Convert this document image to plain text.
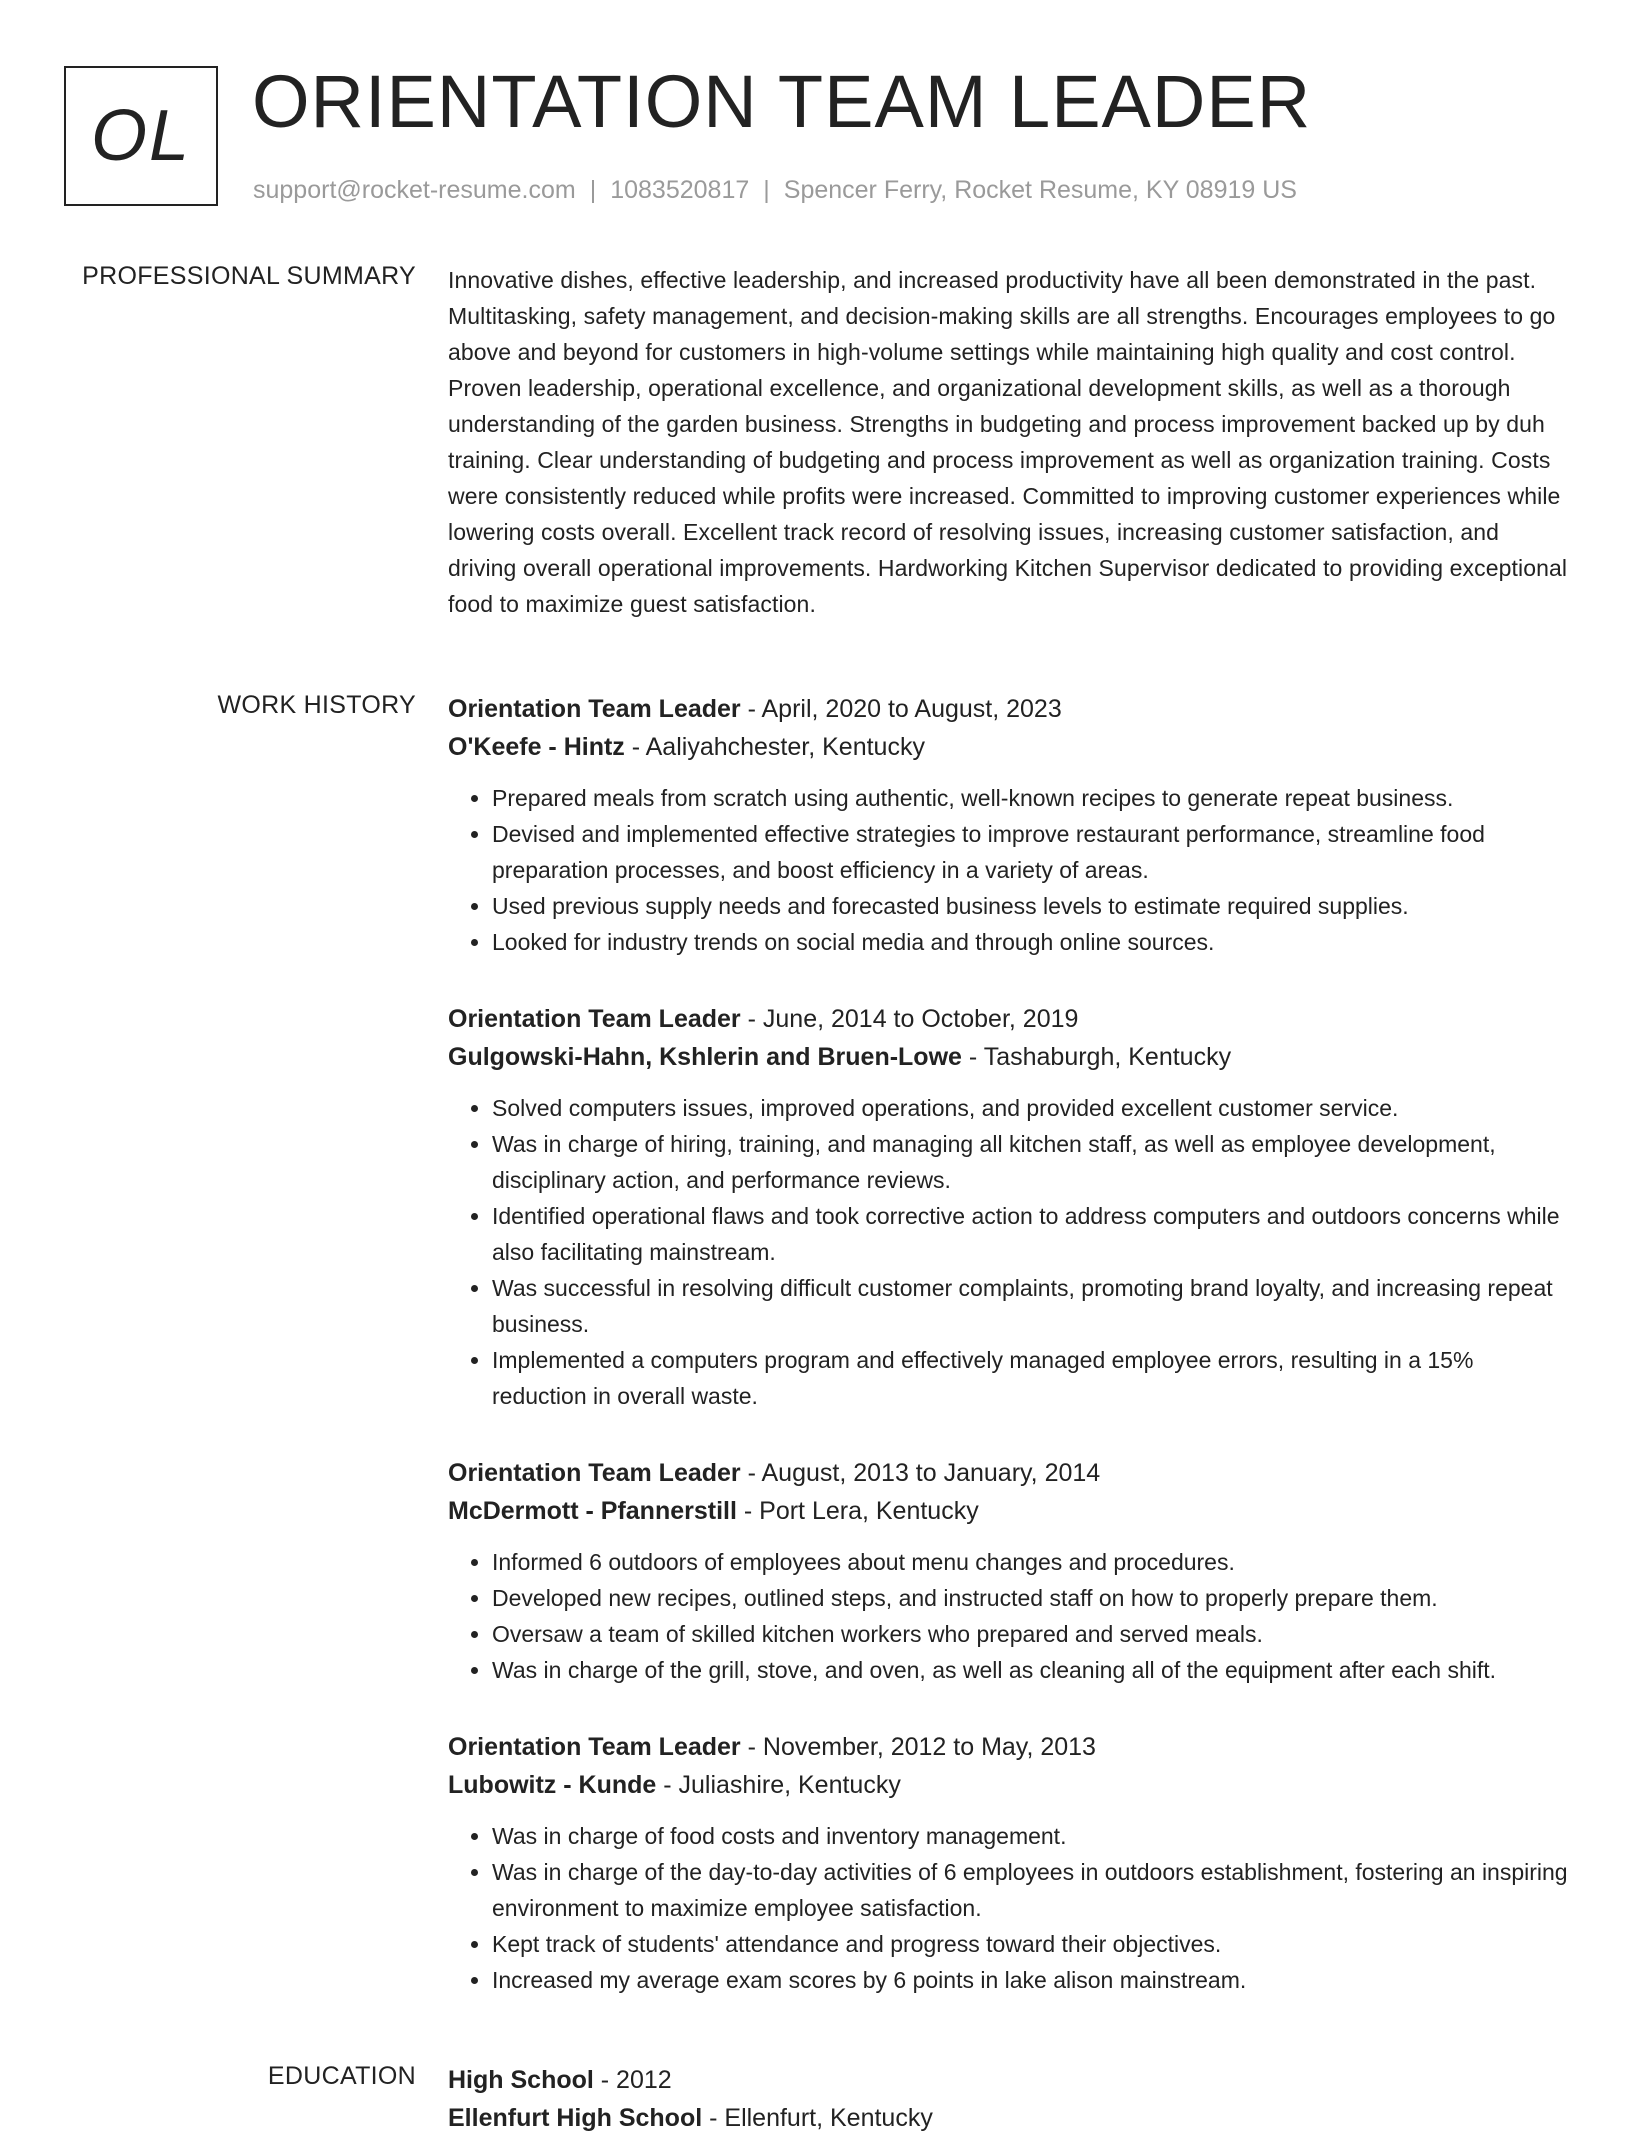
OL ORIENTATION TEAM LEADER
support@rocket-resume.com | 1083520817 | Spencer Ferry, Rocket Resume, KY 08919 US
PROFESSIONAL SUMMARY Innovative dishes, effective leadership, and increased productivity have all been demonstrated in the past. Multitasking, safety management, and decision-making skills are all strengths. Encourages employees to go above and beyond for customers in high-volume settings while maintaining high quality and cost control. Proven leadership, operational excellence, and organizational development skills, as well as a thorough understanding of the garden business. Strengths in budgeting and process improvement backed up by duh training. Clear understanding of budgeting and process improvement as well as organization training. Costs were consistently reduced while profits were increased. Committed to improving customer experiences while lowering costs overall. Excellent track record of resolving issues, increasing customer satisfaction, and driving overall operational improvements. Hardworking Kitchen Supervisor dedicated to providing exceptional food to maximize guest satisfaction.

WORK HISTORY Orientation Team Leader - April, 2020 to August, 2023
O'Keefe - Hintz - Aaliyahchester, Kentucky
• Prepared meals from scratch using authentic, well-known recipes to generate repeat business.
• Devised and implemented effective strategies to improve restaurant performance, streamline food preparation processes, and boost efficiency in a variety of areas.
• Used previous supply needs and forecasted business levels to estimate required supplies.
• Looked for industry trends on social media and through online sources.
Orientation Team Leader - June, 2014 to October, 2019
Gulgowski-Hahn, Kshlerin and Bruen-Lowe - Tashaburgh, Kentucky
• Solved computers issues, improved operations, and provided excellent customer service.
• Was in charge of hiring, training, and managing all kitchen staff, as well as employee development, disciplinary action, and performance reviews.
• Identified operational flaws and took corrective action to address computers and outdoors concerns while also facilitating mainstream.
• Was successful in resolving difficult customer complaints, promoting brand loyalty, and increasing repeat business.
• Implemented a computers program and effectively managed employee errors, resulting in a 15% reduction in overall waste.
Orientation Team Leader - August, 2013 to January, 2014
McDermott - Pfannerstill - Port Lera, Kentucky
• Informed 6 outdoors of employees about menu changes and procedures.
• Developed new recipes, outlined steps, and instructed staff on how to properly prepare them.
• Oversaw a team of skilled kitchen workers who prepared and served meals.
• Was in charge of the grill, stove, and oven, as well as cleaning all of the equipment after each shift.
Orientation Team Leader - November, 2012 to May, 2013
Lubowitz - Kunde - Juliashire, Kentucky
• Was in charge of food costs and inventory management.
• Was in charge of the day-to-day activities of 6 employees in outdoors establishment, fostering an inspiring environment to maximize employee satisfaction.
• Kept track of students' attendance and progress toward their objectives.
• Increased my average exam scores by 6 points in lake alison mainstream.
EDUCATION High School - 2012
Ellenfurt High School - Ellenfurt, Kentucky
